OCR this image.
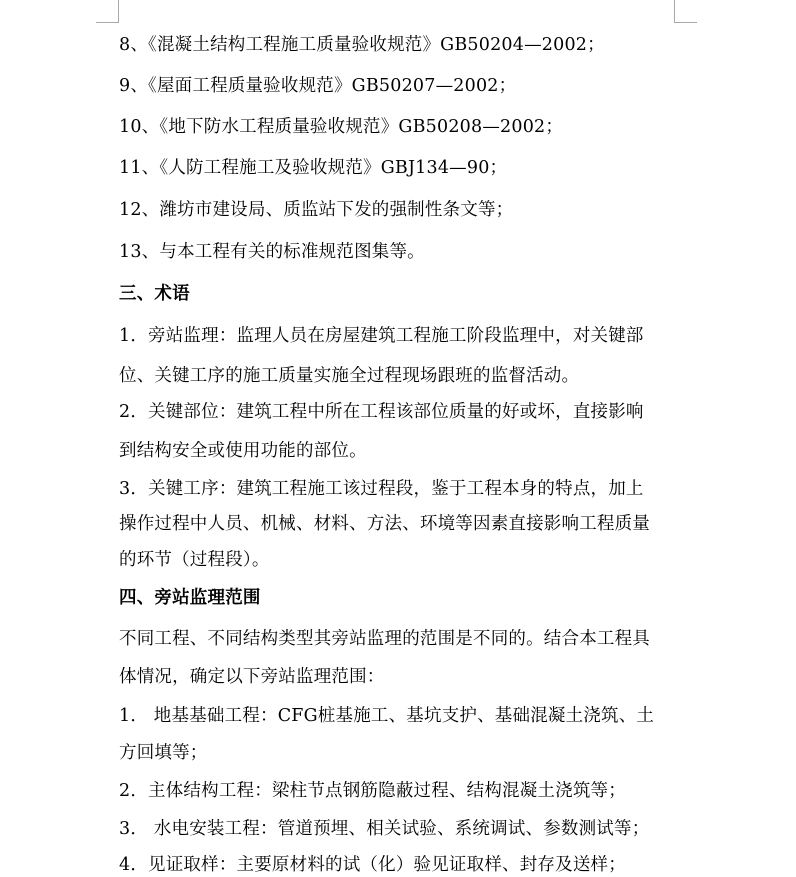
8、《混凝土结构工程施工质量验收规范》GB50204—2002；
9、《屋面工程质量验收规范》GB50207—2002；
10、《地下防水工程质量验收规范》GB50208—2002；
11、《人防工程施工及验收规范》GBJ134—90；
12、潍坊市建设局、质监站下发的强制性条文等；
13、与本工程有关的标准规范图集等。
三、术语
1．旁站监理：监理人员在房屋建筑工程施工阶段监理中，对关键部
位、关键工序的施工质量实施全过程现场跟班的监督活动。
2．关键部位：建筑工程中所在工程该部位质量的好或坏，直接影响
到结构安全或使用功能的部位。
3．关键工序：建筑工程施工该过程段，鉴于工程本身的特点，加上
操作过程中人员、机械、材料、方法、环境等因素直接影响工程质量
的环节（过程段）。
四、旁站监理范围
不同工程、不同结构类型其旁站监理的范围是不同的。结合本工程具
体情况，确定以下旁站监理范围：
1． 地基基础工程：CFG桩基施工、基坑支护、基础混凝土浇筑、土
方回填等；
2．主体结构工程：梁柱节点钢筋隐蔽过程、结构混凝土浇筑等；
3． 水电安装工程：管道预埋、相关试验、系统调试、参数测试等；
4．见证取样：主要原材料的试（化）验见证取样、封存及送样；
